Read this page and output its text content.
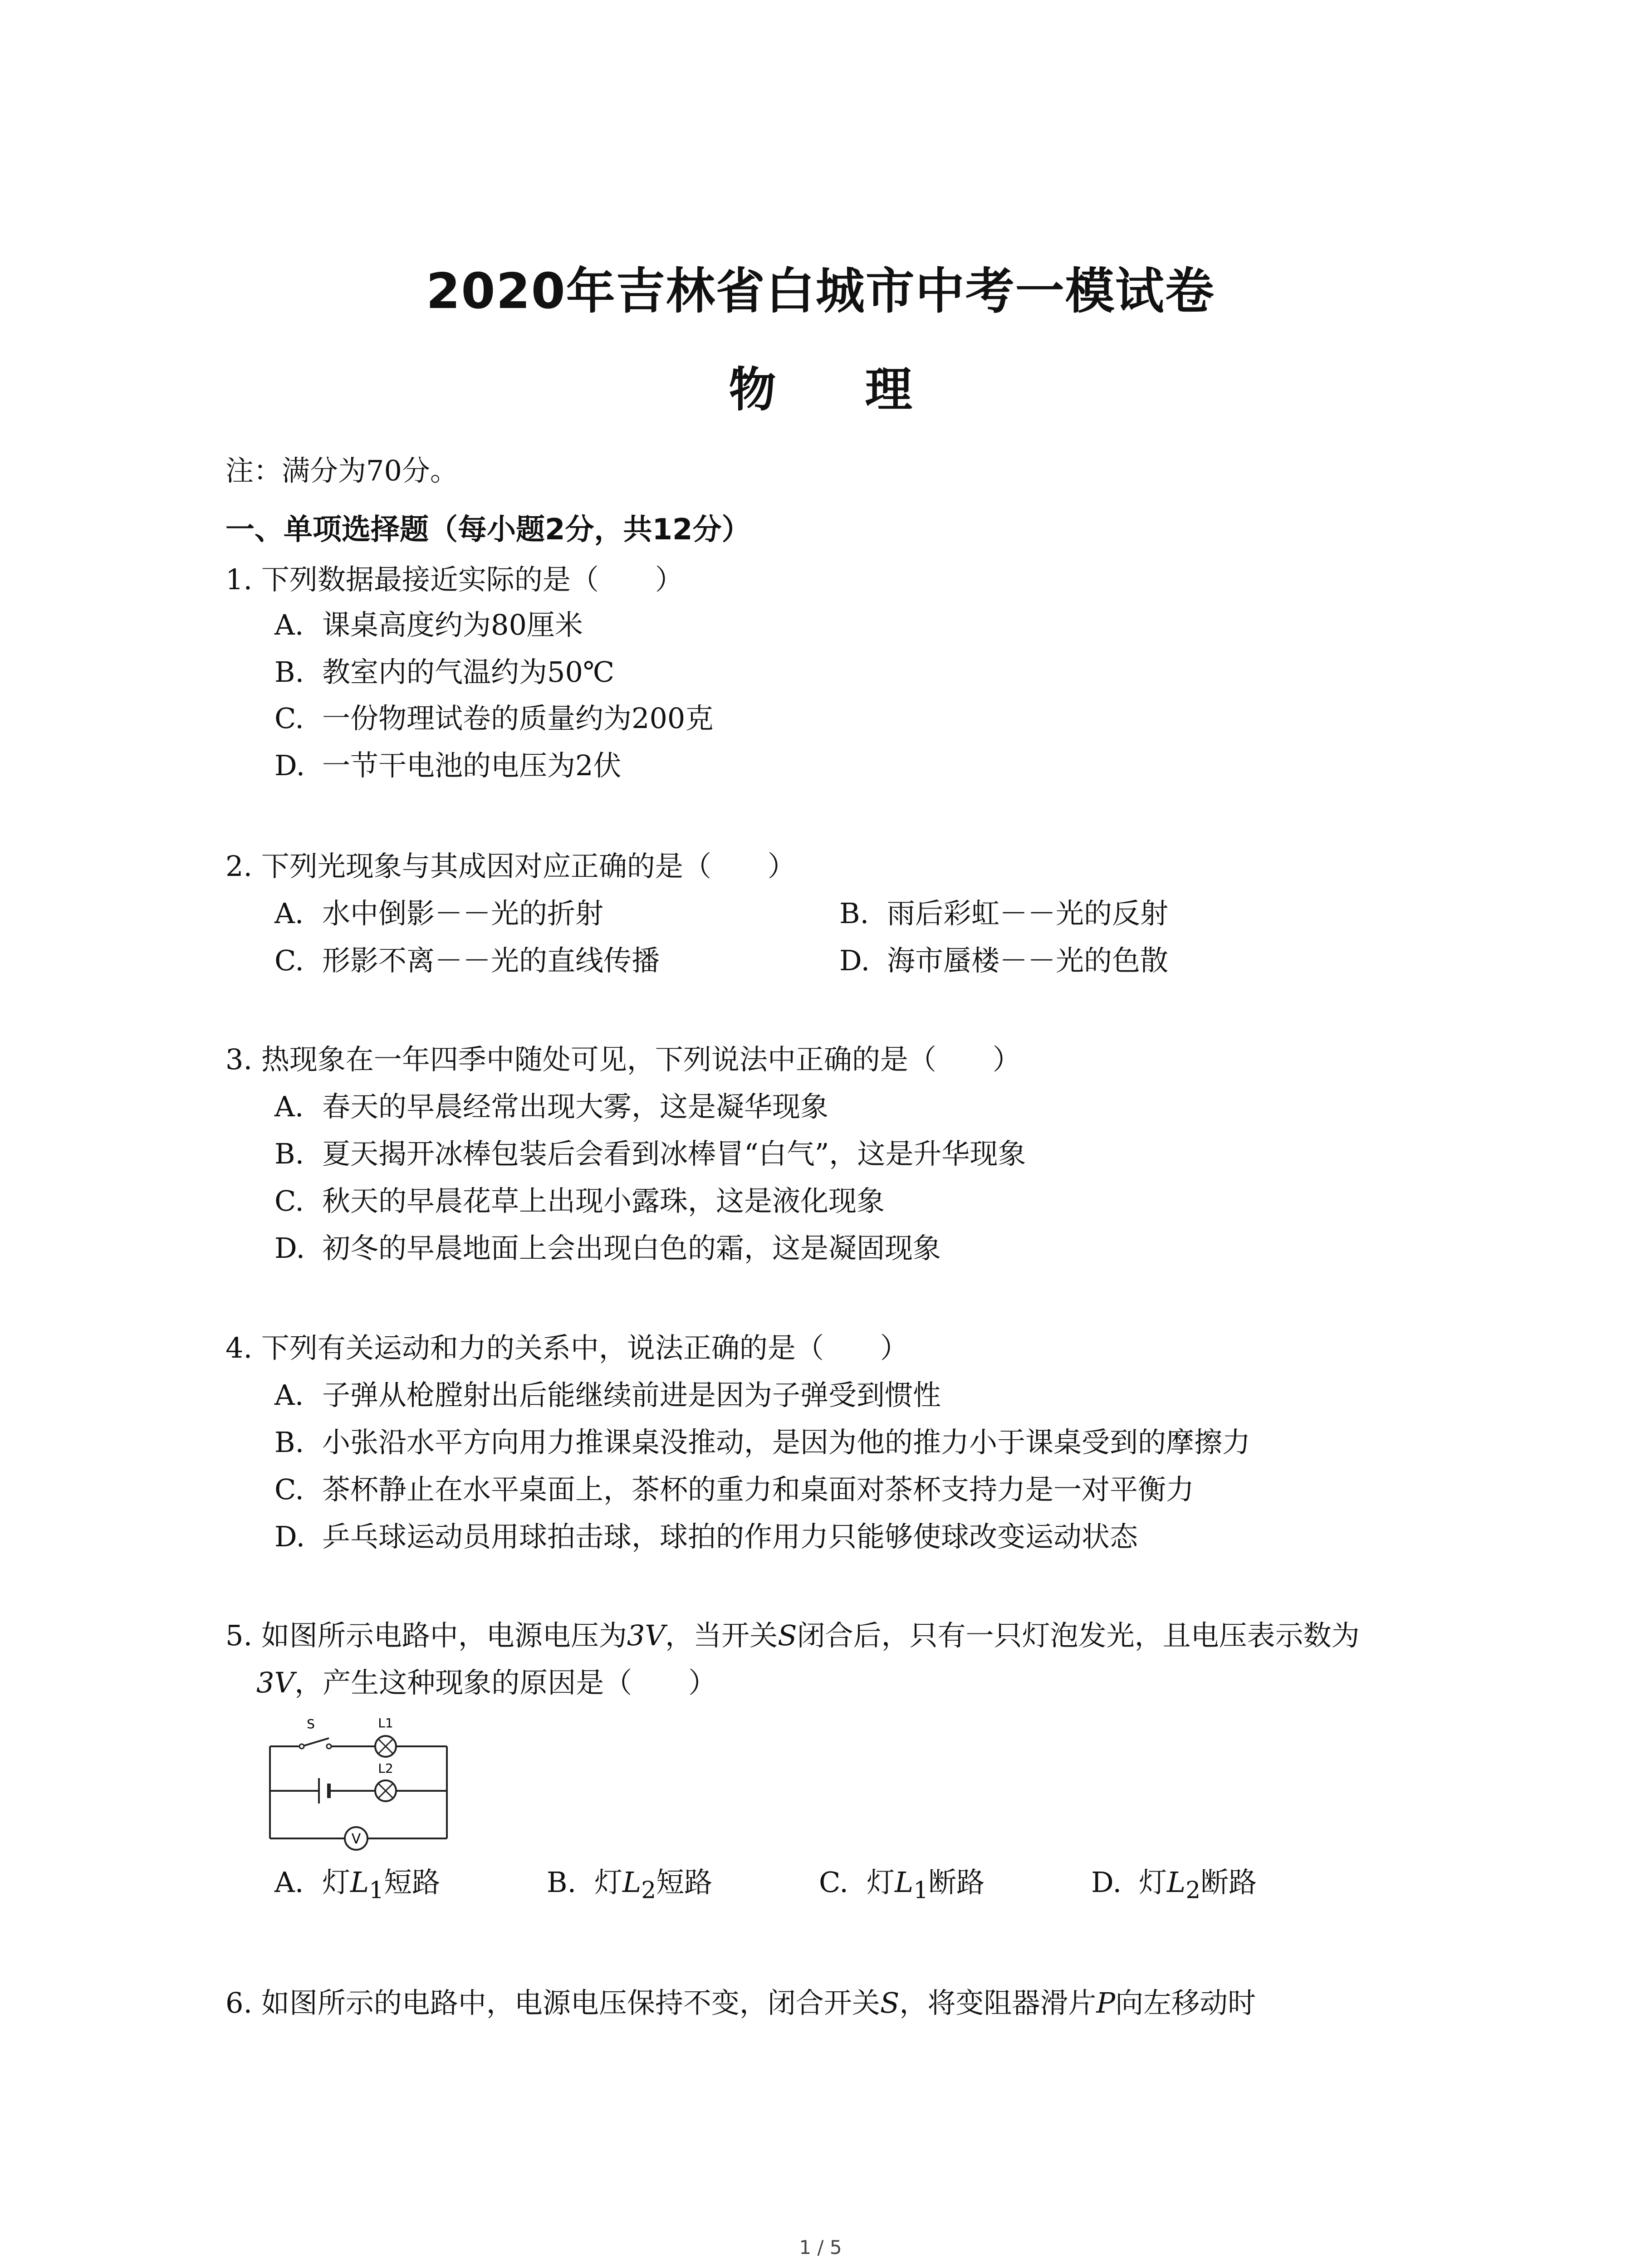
2020年吉林省白城市中考一模试卷
物 理
注：满分为70分。
一、单项选择题（每小题2分，共12分）
1. 下列数据最接近实际的是（　　）
A. 课桌高度约为80厘米
B. 教室内的气温约为50℃
C. 一份物理试卷的质量约为200克
D. 一节干电池的电压为2伏
2. 下列光现象与其成因对应正确的是（　　）
A. 水中倒影－－光的折射	B. 雨后彩虹－－光的反射
C. 形影不离－－光的直线传播	D. 海市蜃楼－－光的色散
3. 热现象在一年四季中随处可见，下列说法中正确的是（　　）
A. 春天的早晨经常出现大雾，这是凝华现象
B. 夏天揭开冰棒包装后会看到冰棒冒“白气”，这是升华现象
C. 秋天的早晨花草上出现小露珠，这是液化现象
D. 初冬的早晨地面上会出现白色的霜，这是凝固现象
4. 下列有关运动和力的关系中，说法正确的是（　　）
A. 子弹从枪膛射出后能继续前进是因为子弹受到惯性
B. 小张沿水平方向用力推课桌没推动，是因为他的推力小于课桌受到的摩擦力
C. 茶杯静止在水平桌面上，茶杯的重力和桌面对茶杯支持力是一对平衡力
D. 乒乓球运动员用球拍击球，球拍的作用力只能够使球改变运动状态
5. 如图所示电路中，电源电压为3V，当开关S闭合后，只有一只灯泡发光，且电压表示数为
3V，产生这种现象的原因是（　　）
V
S	L1
L2
A. 灯$L_1$短路	B. 灯$L_2$短路	C. 灯$L_1$断路	D. 灯$L_2$断路
6. 如图所示的电路中，电源电压保持不变，闭合开关S，将变阻器滑片P向左移动时
1 / 5
